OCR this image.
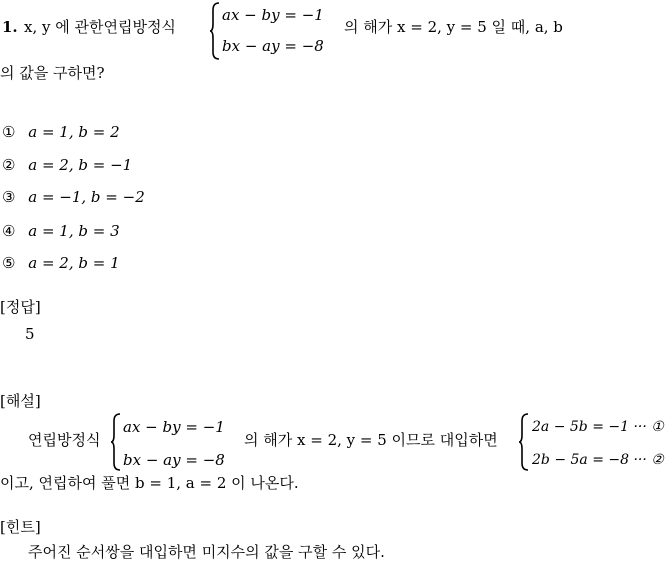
1. x, y 에 관한연립방정식
ax − by = −1
bx − ay = −8
의 해가 x = 2, y = 5 일 때, a, b
의 값을 구하면?
① a = 1, b = 2
② a = 2, b = −1
③ a = −1, b = −2
④ a = 1, b = 3
⑤ a = 2, b = 1
[정답]
5
[해설]
연립방정식
ax − by = −1
bx − ay = −8
의 해가 x = 2, y = 5 이므로 대입하면
2a − 5b = −1 ··· ①
2b − 5a = −8 ··· ②
이고, 연립하여 풀면 b = 1, a = 2 이 나온다.
[힌트]
주어진 순서쌍을 대입하면 미지수의 값을 구할 수 있다.
